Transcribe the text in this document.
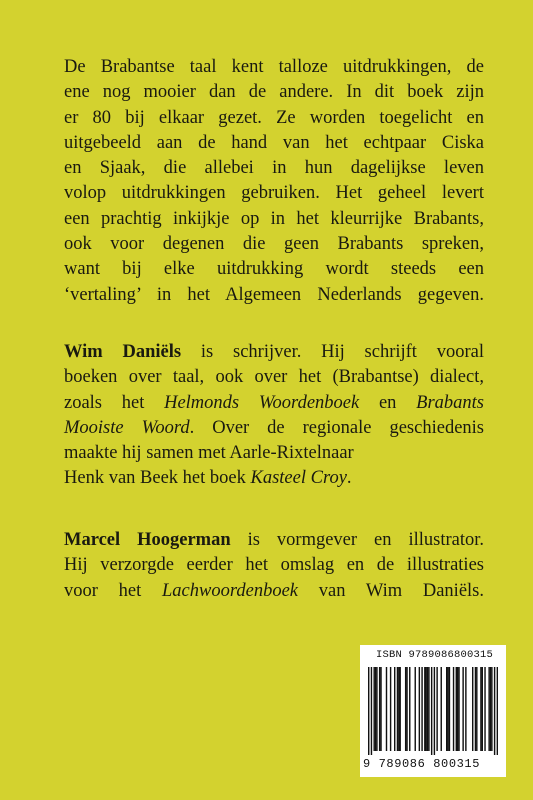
De Brabantse taal kent talloze uitdrukkingen, de
ene nog mooier dan de andere. In dit boek zijn
er 80 bij elkaar gezet. Ze worden toegelicht en
uitgebeeld aan de hand van het echtpaar Ciska
en Sjaak, die allebei in hun dagelijkse leven
volop uitdrukkingen gebruiken. Het geheel levert
een prachtig inkijkje op in het kleurrijke Brabants,
ook voor degenen die geen Brabants spreken,
want bij elke uitdrukking wordt steeds een
‘vertaling’ in het Algemeen Nederlands gegeven.
Wim Daniëls is schrijver. Hij schrijft vooral
boeken over taal, ook over het (Brabantse) dialect,
zoals het Helmonds Woordenboek en Brabants
Mooiste Woord. Over de regionale geschiedenis
maakte hij samen met Aarle-Rixtelnaar
Henk van Beek het boek Kasteel Croy.
Marcel Hoogerman is vormgever en illustrator.
Hij verzorgde eerder het omslag en de illustraties
voor het Lachwoordenboek van Wim Daniëls.
ISBN 9789086800315
9 789086 800315
